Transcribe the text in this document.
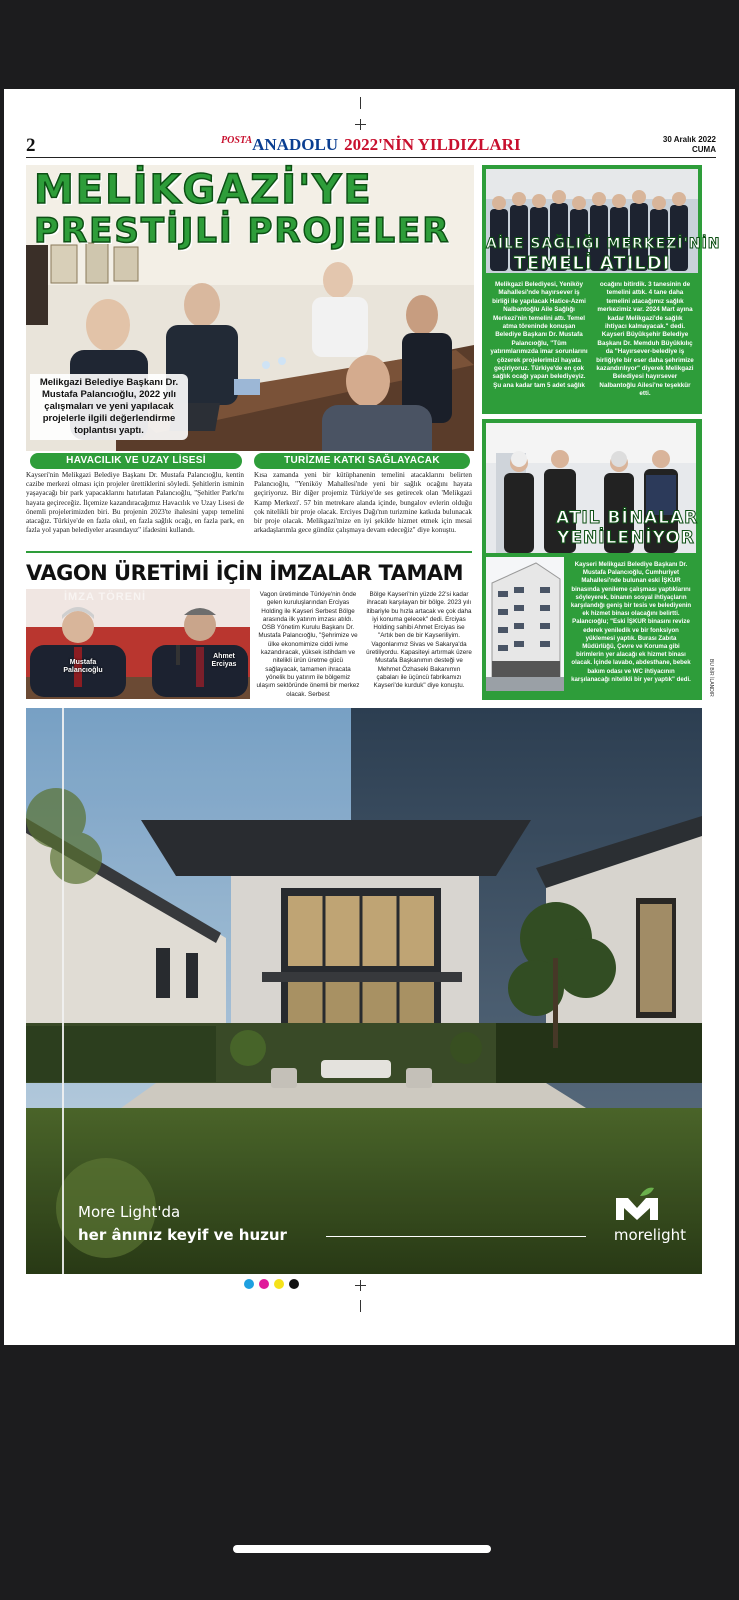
2	$^{POSTA}$ANADOLU 2022'NİN YILDIZLARI	30 Aralık 2022
CUMA
MELİKGAZİ'YE
PRESTİJLİ PROJELER
Melikgazi Belediye Başkanı Dr. Mustafa Palancıoğlu, 2022 yılı çalışmaları ve yeni yapılacak projelerle ilgili değerlendirme toplantısı yaptı.
HAVACILIK VE UZAY LİSESİ	TURİZME KATKI SAĞLAYACAK

Kayseri'nin Melikgazi Belediye Başkanı Dr. Mustafa Palancıoğlu, kentin cazibe merkezi olması için projeler ürettiklerini söyledi. Şehitlerin isminin yaşayacağı bir park yapacaklarını hatırlatan Palancıoğlu, "Şehitler Parkı'nı hayata geçireceğiz. İlçemize kazandıracağımız Havacılık ve Uzay Lisesi de önemli projelerimizden biri. Bu projenin 2023'te ihalesini yapıp temelini atacağız. Türkiye'de en fazla okul, en fazla sağlık ocağı, en fazla park, en fazla yol yapan belediyeler arasındayız" ifadesini kullandı.

Kısa zamanda yeni bir kütüphanenin temelini atacaklarını belirten Palancıoğlu, "Yeniköy Mahallesi'nde yeni bir sağlık ocağını hayata geçiriyoruz. Bir diğer projemiz Türkiye'de ses getirecek olan 'Melikgazi Kamp Merkezi'. 57 bin metrekare alanda içinde, bungalov evlerin olduğu çok nitelikli bir proje olacak. Erciyes Dağı'nın turizmine katkıda bulunacak bir proje olacak. Melikgazi'mize en iyi şekilde hizmet etmek için mesai arkadaşlarımla gece gündüz çalışmaya devam edeceğiz" diye konuştu.

AİLE SAĞLIĞI MERKEZİ'NİN
TEMELİ ATILDI

Melikgazi Belediyesi, Yeniköy Mahallesi'nde hayırsever iş birliği ile yapılacak Hatice-Azmi Nalbantoğlu Aile Sağlığı Merkezi'nin temelini attı. Temel atma töreninde konuşan Belediye Başkanı Dr. Mustafa Palancıoğlu, "Tüm yatırımlarımızda imar sorunlarını çözerek projelerimizi hayata geçiriyoruz. Türkiye'de en çok sağlık ocağı yapan belediyeyiz. Şu ana kadar tam 5 adet sağlık

ocağını bitirdik. 3 tanesinin de temelini attık. 4 tane daha temelini atacağımız sağlık merkezimiz var. 2024 Mart ayına kadar Melikgazi'de sağlık ihtiyacı kalmayacak." dedi. Kayseri Büyükşehir Belediye Başkanı Dr. Memduh Büyükkılıç da "Hayırsever-belediye iş birliğiyle bir eser daha şehrimize kazandırılıyor" diyerek Melikgazi Belediyesi hayırsever Nalbantoğlu Ailesi'ne teşekkür etti.

ATIL BİNALAR
YENİLENİYOR

Kayseri Melikgazi Belediye Başkanı Dr. Mustafa Palancıoğlu, Cumhuriyet Mahallesi'nde bulunan eski İŞKUR binasında yenileme çalışması yaptıklarını söyleyerek, binanın sosyal ihtiyaçların karşılandığı geniş bir tesis ve belediyenin ek hizmet binası olacağını belirtti. Palancıoğlu; "Eski İŞKUR binasını revize ederek yeniledik ve bir fonksiyon yüklemesi yaptık. Burası Zabıta Müdürlüğü, Çevre ve Koruma gibi birimlerin yer alacağı ek hizmet binası olacak. İçinde lavabo, abdesthane, bebek bakım odası ve WC ihtiyacının karşılanacağı nitelikli bir yer yaptık" dedi.

VAGON ÜRETİMİ İÇİN İMZALAR TAMAM
İMZA TÖRENİ
Mustafa
Palancıoğlu
Ahmet
Erciyas

Vagon üretiminde Türkiye'nin önde gelen kuruluşlarından Erciyas Holding ile Kayseri Serbest Bölge arasında ilk yatırım imzası atıldı. OSB Yönetim Kurulu Başkanı Dr. Mustafa Palancıoğlu, "Şehrimize ve ülke ekonomimize ciddi ivme kazandıracak, yüksek istihdam ve nitelikli ürün üretme gücü sağlayacak, tamamen ihracata yönelik bu yatırım ile bölgemiz ulaşım sektöründe önemli bir merkez olacak. Serbest

Bölge Kayseri'nin yüzde 22'si kadar ihracatı karşılayan bir bölge. 2023 yılı itibariyle bu hızla artacak ve çok daha iyi konuma gelecek" dedi. Erciyas Holding sahibi Ahmet Erciyas ise "Artık ben de bir Kayseriliyim. Vagonlarımız Sivas ve Sakarya'da üretiliyordu. Kapasiteyi artırmak üzere Mustafa Başkanımın desteği ve Mehmet Özhaseki Bakanımın çabaları ile üçüncü fabrikamızı Kayseri'de kurduk" diye konuştu.	BU BİR İLANDIR
More Light'da
her ânınız keyif ve huzur	morelight
